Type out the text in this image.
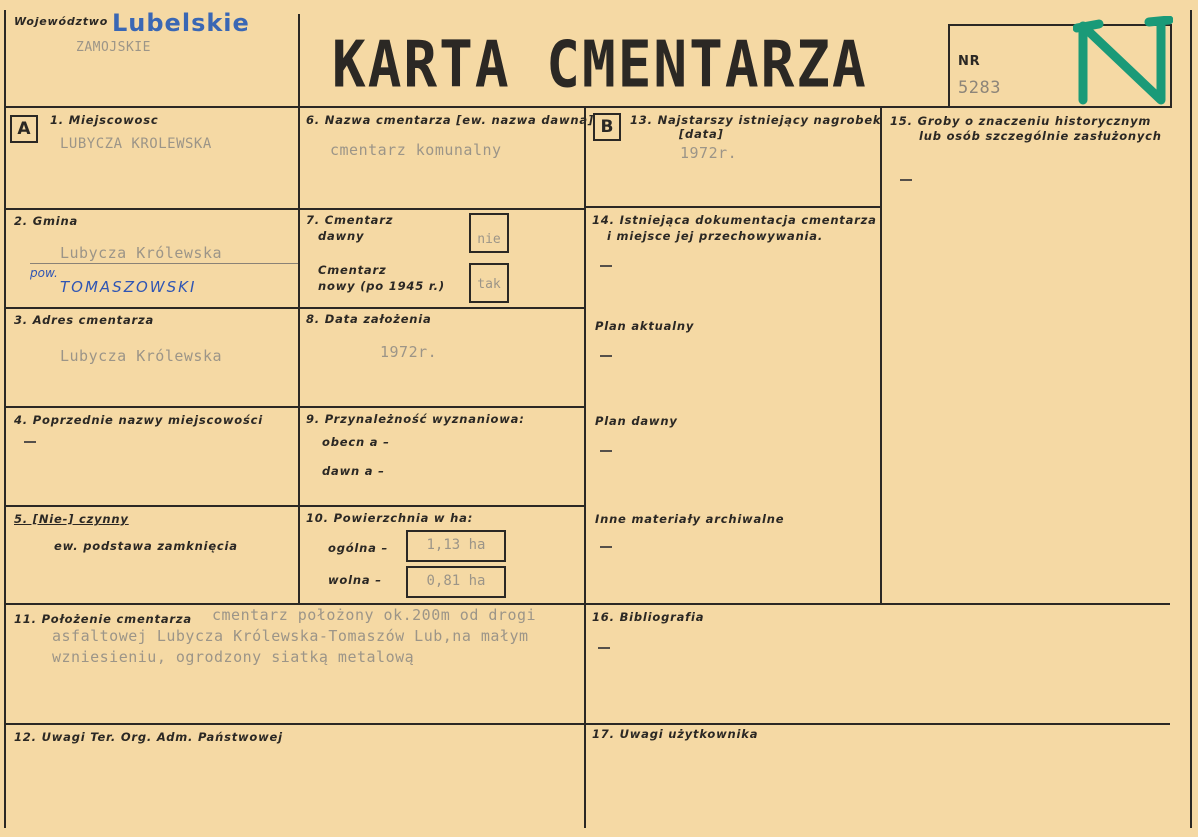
Województwo Lubelskie
ZAMOJSKIE	KARTA CMENTARZA	NR
5283
A	B
1. Miejscowosc
LUBYCZA KROLEWSKA
2. Gmina
Lubycza Królewska
pow.
TOMASZOWSKI
3. Adres cmentarza
Lubycza Królewska
4. Poprzednie nazwy miejscowości
5. [Nie-] czynny
ew. podstawa zamknięcia
6. Nazwa cmentarza [ew. nazwa dawna]
cmentarz komunalny
7. Cmentarz
dawny	nie
Cmentarz
nowy (po 1945 r.)	tak
8. Data założenia
1972r.
9. Przynależność wyznaniowa:
obecn a –
dawn a –
10. Powierzchnia w ha:
ogólna –	1,13 ha
wolna –	0,81 ha
11. Położenie cmentarza cmentarz położony ok.200m od drogi
asfaltowej Lubycza Królewska-Tomaszów Lub,na małym
wzniesieniu, ogrodzony siatką metalową
12. Uwagi Ter. Org. Adm. Państwowej
13. Najstarszy istniejący nagrobek
[data]
1972r.
14. Istniejąca dokumentacja cmentarza
i miejsce jej przechowywania.
Plan aktualny
Plan dawny
Inne materiały archiwalne
15. Groby o znaczeniu historycznym
lub osób szczególnie zasłużonych
16. Bibliografia
17. Uwagi użytkownika
